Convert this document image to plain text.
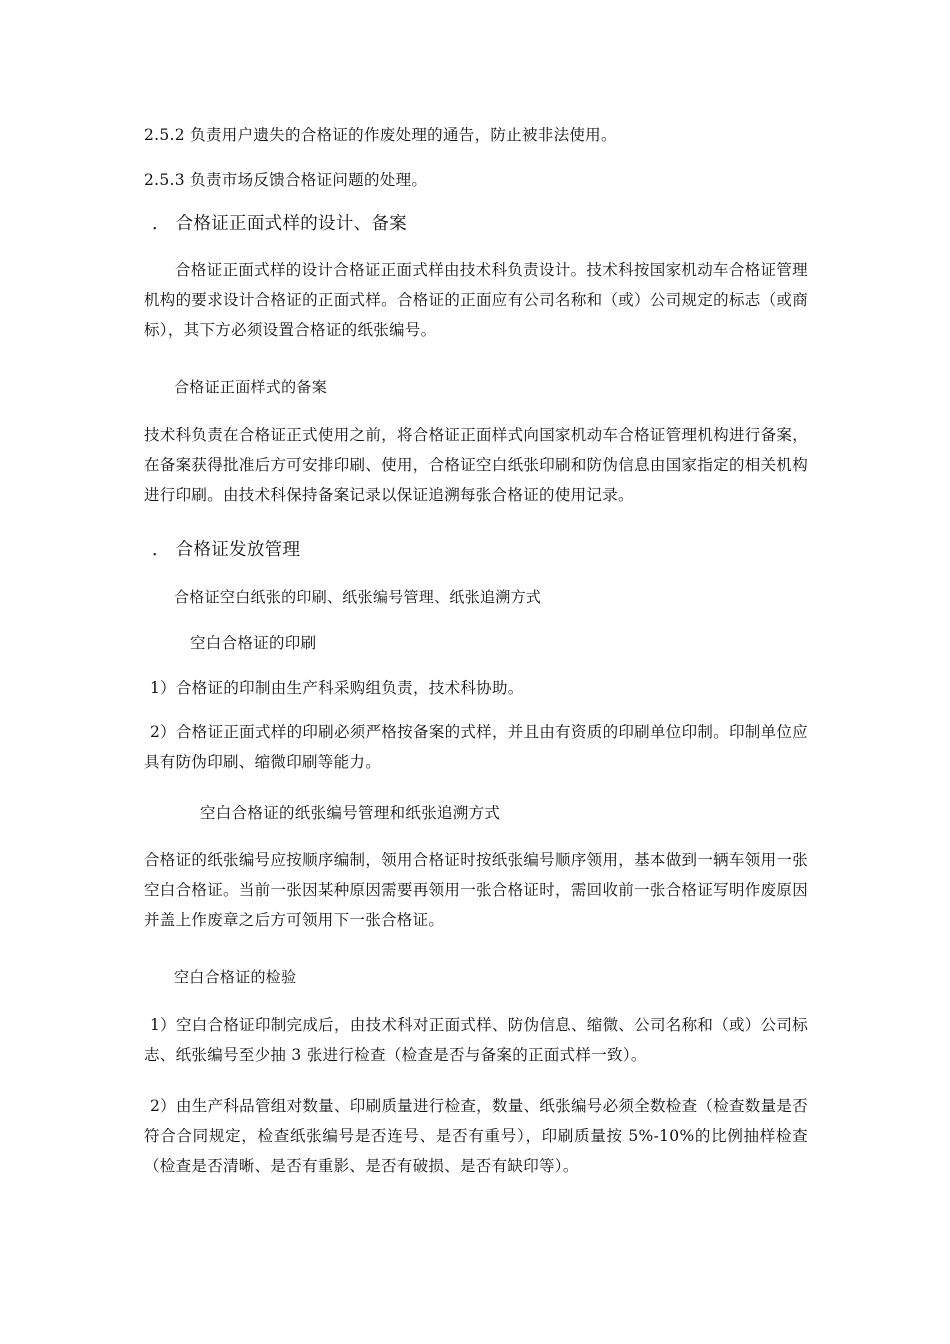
2.5.2 负责用户遗失的合格证的作废处理的通告，防止被非法使用。

2.5.3 负责市场反馈合格证问题的处理。

． 合格证正面式样的设计、备案

合格证正面式样的设计合格证正面式样由技术科负责设计。技术科按国家机动车合格证管理机构的要求设计合格证的正面式样。合格证的正面应有公司名称和（或）公司规定的标志（或商标），其下方必须设置合格证的纸张编号。

合格证正面样式的备案

技术科负责在合格证正式使用之前，将合格证正面样式向国家机动车合格证管理机构进行备案，在备案获得批准后方可安排印刷、使用，合格证空白纸张印刷和防伪信息由国家指定的相关机构进行印刷。由技术科保持备案记录以保证追溯每张合格证的使用记录。

． 合格证发放管理

合格证空白纸张的印刷、纸张编号管理、纸张追溯方式

空白合格证的印刷

1）合格证的印制由生产科采购组负责，技术科协助。

2）合格证正面式样的印刷必须严格按备案的式样，并且由有资质的印刷单位印制。印制单位应具有防伪印刷、缩微印刷等能力。

空白合格证的纸张编号管理和纸张追溯方式

合格证的纸张编号应按顺序编制，领用合格证时按纸张编号顺序领用，基本做到一辆车领用一张空白合格证。当前一张因某种原因需要再领用一张合格证时，需回收前一张合格证写明作废原因并盖上作废章之后方可领用下一张合格证。

空白合格证的检验

1）空白合格证印制完成后，由技术科对正面式样、防伪信息、缩微、公司名称和（或）公司标志、纸张编号至少抽 3 张进行检查（检查是否与备案的正面式样一致）。

2）由生产科品管组对数量、印刷质量进行检查，数量、纸张编号必须全数检查（检查数量是否符合合同规定，检查纸张编号是否连号、是否有重号），印刷质量按 5%-10%的比例抽样检查（检查是否清晰、是否有重影、是否有破损、是否有缺印等）。
